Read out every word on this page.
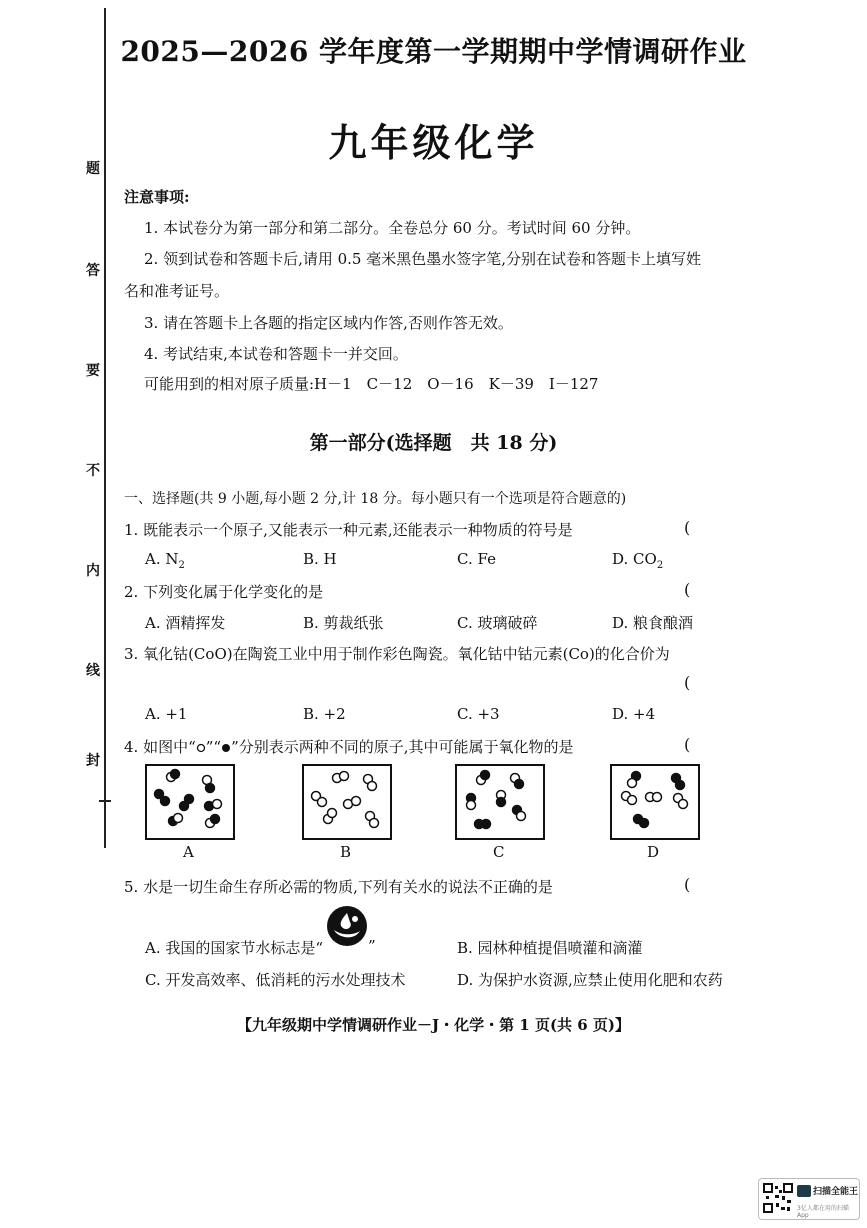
题
答
要
不
内
线
封
2025—2026 学年度第一学期期中学情调研作业
九年级化学
注意事项:
1. 本试卷分为第一部分和第二部分。全卷总分 60 分。考试时间 60 分钟。
2. 领到试卷和答题卡后,请用 0.5 毫米黑色墨水签字笔,分别在试卷和答题卡上填写姓
名和准考证号。
3. 请在答题卡上各题的指定区域内作答,否则作答无效。
4. 考试结束,本试卷和答题卡一并交回。
可能用到的相对原子质量:H－1　C－12　O－16　K－39　I－127
第一部分(选择题　共 18 分)
一、选择题(共 9 小题,每小题 2 分,计 18 分。每小题只有一个选项是符合题意的)
1. 既能表示一个原子,又能表示一种元素,还能表示一种物质的符号是	(
A. $N_2$	B. H	C. Fe	D. $CO_2$
2. 下列变化属于化学变化的是	(
A. 酒精挥发	B. 剪裁纸张	C. 玻璃破碎	D. 粮食酿酒
3. 氧化钴(CoO)在陶瓷工业中用于制作彩色陶瓷。氧化钴中钴元素(Co)的化合价为
(
A. +1	B. +2	C. +3	D. +4
4. 如图中“ ”“ ”分别表示两种不同的原子,其中可能属于氧化物的是	(
A	B	C	D
5. 水是一切生命生存所必需的物质,下列有关水的说法不正确的是	(
A. 我国的国家节水标志是“	”	B. 园林种植提倡喷灌和滴灌
C. 开发高效率、低消耗的污水处理技术	D. 为保护水资源,应禁止使用化肥和农药
【九年级期中学情调研作业－J・化学・第 1 页(共 6 页)】
扫描全能王
3亿人都在用的扫描App
